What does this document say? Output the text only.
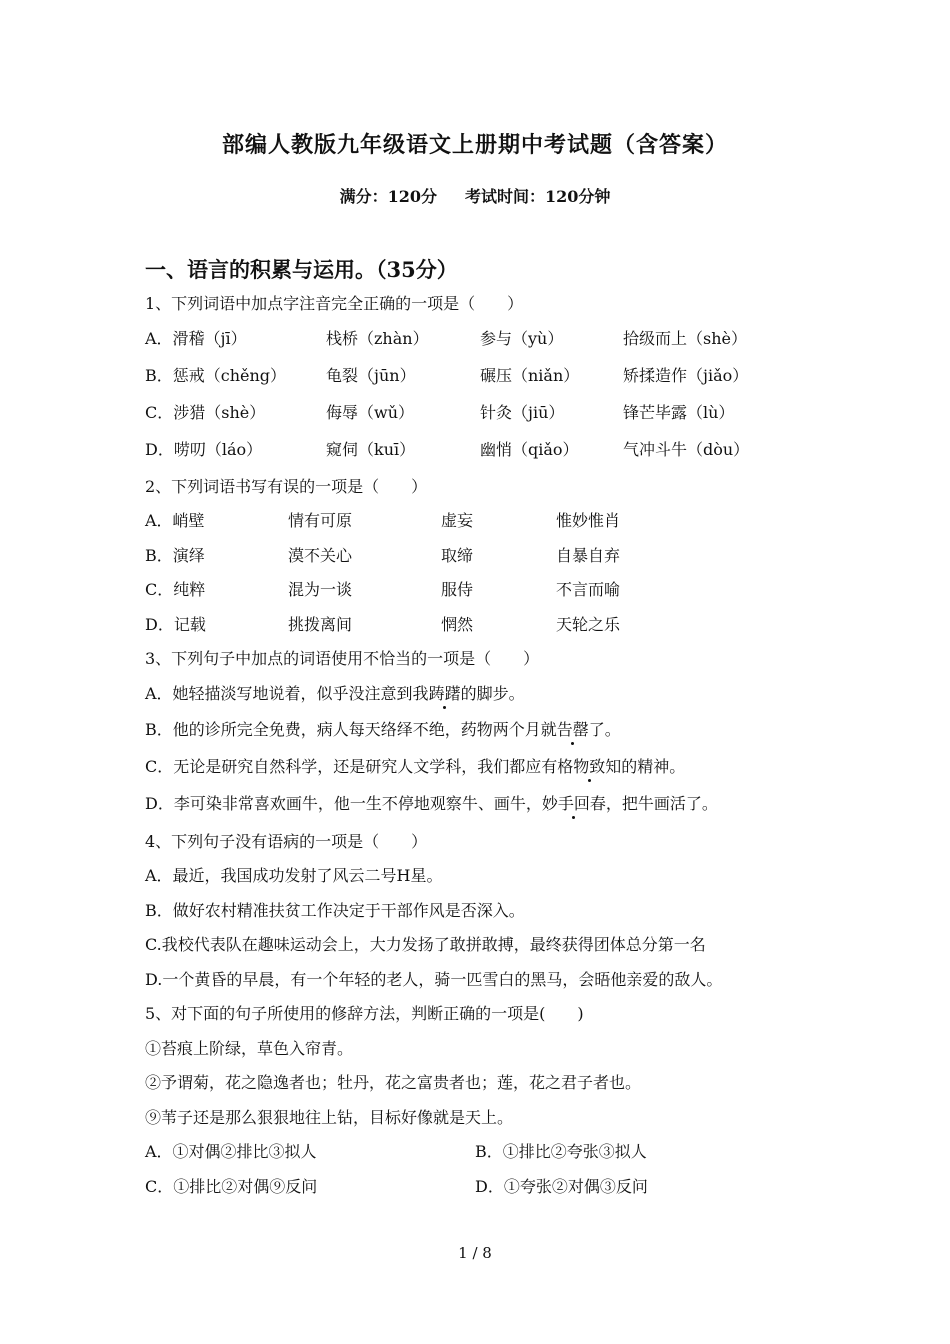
部编人教版九年级语文上册期中考试题（含答案）
满分：120分 考试时间：120分钟
一、语言的积累与运用。（35分）
1、下列词语中加点字注音完全正确的一项是（　　）
A．滑稽（jī）	栈桥（zhàn）	参与（yù）	拾级而上（shè）
B．惩戒（chěng） 龟裂（jūn）	碾压（niǎn）	矫揉造作（jiǎo）
C．涉猎（shè）	侮辱（wǔ）	针灸（jiū）	锋芒毕露（lù）
D．唠叨（láo）	窥伺（kuī）	幽悄（qiǎo）	气冲斗牛（dòu）
2、下列词语书写有误的一项是（　　）
A．峭壁	情有可原	虚妄	惟妙惟肖
B．演绎	漠不关心	取缔	自暴自弃
C．纯粹	混为一谈	服侍	不言而喻
D．记载	挑拨离间	惘然	天轮之乐
3、下列句子中加点的词语使用不恰当的一项是（　　）
A．她轻描淡写地说着，似乎没注意到我踌躇的脚步。
B．他的诊所完全免费，病人每天络绎不绝，药物两个月就告罄了。
C．无论是研究自然科学，还是研究人文学科，我们都应有格物致知的精神。
D．李可染非常喜欢画牛，他一生不停地观察牛、画牛，妙手回春，把牛画活了。
4、下列句子没有语病的一项是（　　）
A．最近，我国成功发射了风云二号H星。
B．做好农村精准扶贫工作决定于干部作风是否深入。
C.我校代表队在趣味运动会上，大力发扬了敢拼敢搏，最终获得团体总分第一名
D.一个黄昏的早晨，有一个年轻的老人，骑一匹雪白的黑马，会晤他亲爱的敌人。
5、对下面的句子所使用的修辞方法，判断正确的一项是(　　)
①苔痕上阶绿，草色入帘青。
②予谓菊，花之隐逸者也；牡丹，花之富贵者也；莲，花之君子者也。
⑨苇子还是那么狠狠地往上钻，目标好像就是天上。
A．①对偶②排比③拟人	B．①排比②夸张③拟人
C．①排比②对偶⑨反问	D．①夸张②对偶③反问
1 / 8
